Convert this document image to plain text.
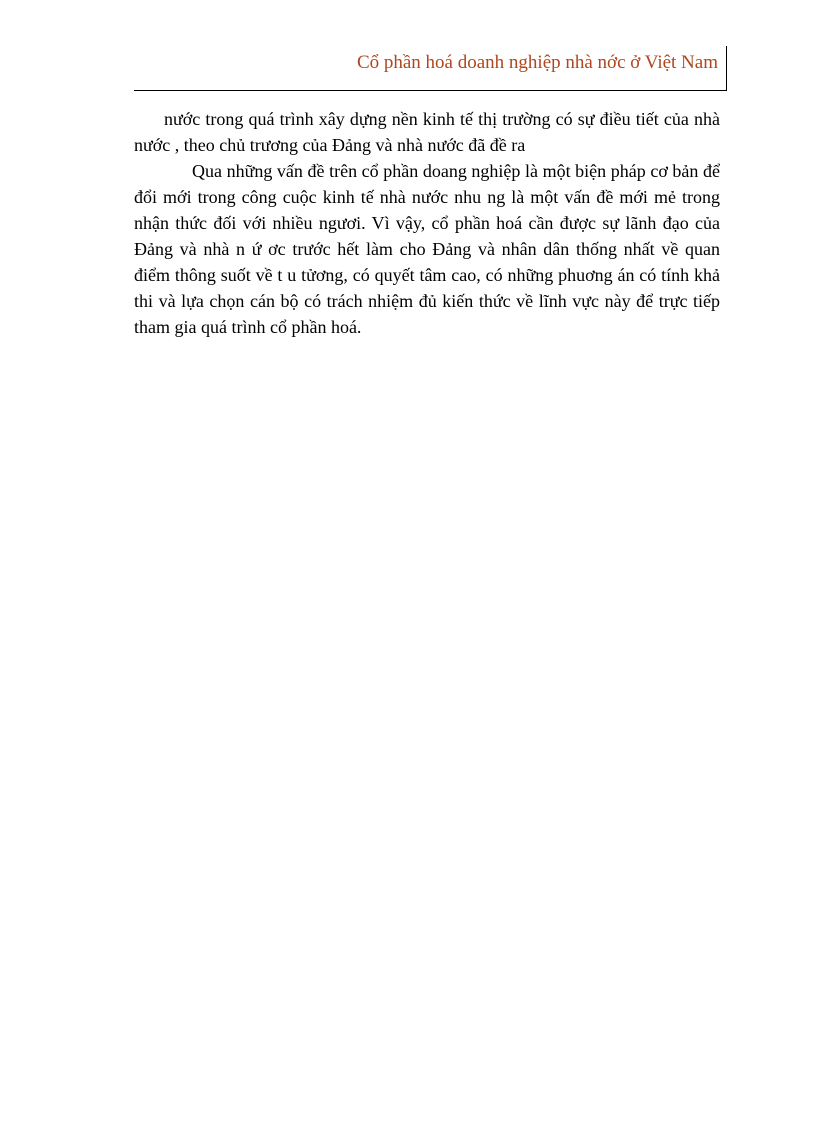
Cổ phần hoá doanh nghiệp nhà nớc ở Việt Nam

nước trong quá trình xây dựng nền kinh tế thị trường có sự điều tiết của nhà nước , theo chủ trương của Đảng và nhà nước đã đề ra

Qua những vấn đề trên cổ phần doang nghiệp là một biện pháp cơ bản để đổi mới trong công cuộc kinh tế nhà nước nhu ng là một vấn đề mới mẻ trong nhận thức đối với nhiều ngươi. Vì vậy, cổ phần hoá cần được sự lãnh đạo của Đảng và nhà n ứ ơc trước hết làm cho Đảng và nhân dân thống nhất về quan điểm thông suốt về t u tửơng, có quyết tâm cao, có những phuơng án có tính khả thi và lựa chọn cán bộ có trách nhiệm đủ kiến thức về lĩnh vực này để trực tiếp tham gia quá trình cổ phần hoá.
